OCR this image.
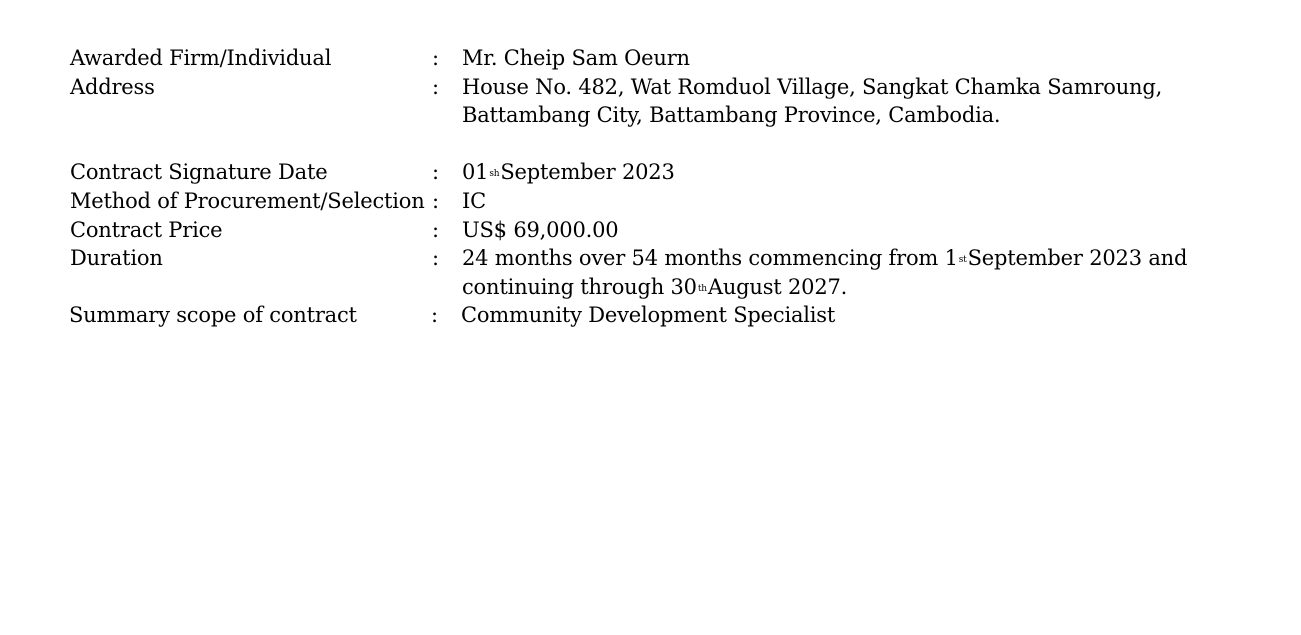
Awarded Firm/Individual	:	Mr. Cheip Sam Oeurn
Address	:	House No. 482, Wat Romduol Village, Sangkat Chamka Samroung,
Battambang City, Battambang Province, Cambodia.
Contract Signature Date	:	$01^{sh}September$ 2023
Method of Procurement/Selection :	IC
Contract Price	:	US$ 69,000.00
Duration	:	24 months over 54 months commencing from 1stSeptember 2023 and
continuing through 30thAugust 2027.
Summary scope of contract	:	Community Development Specialist
